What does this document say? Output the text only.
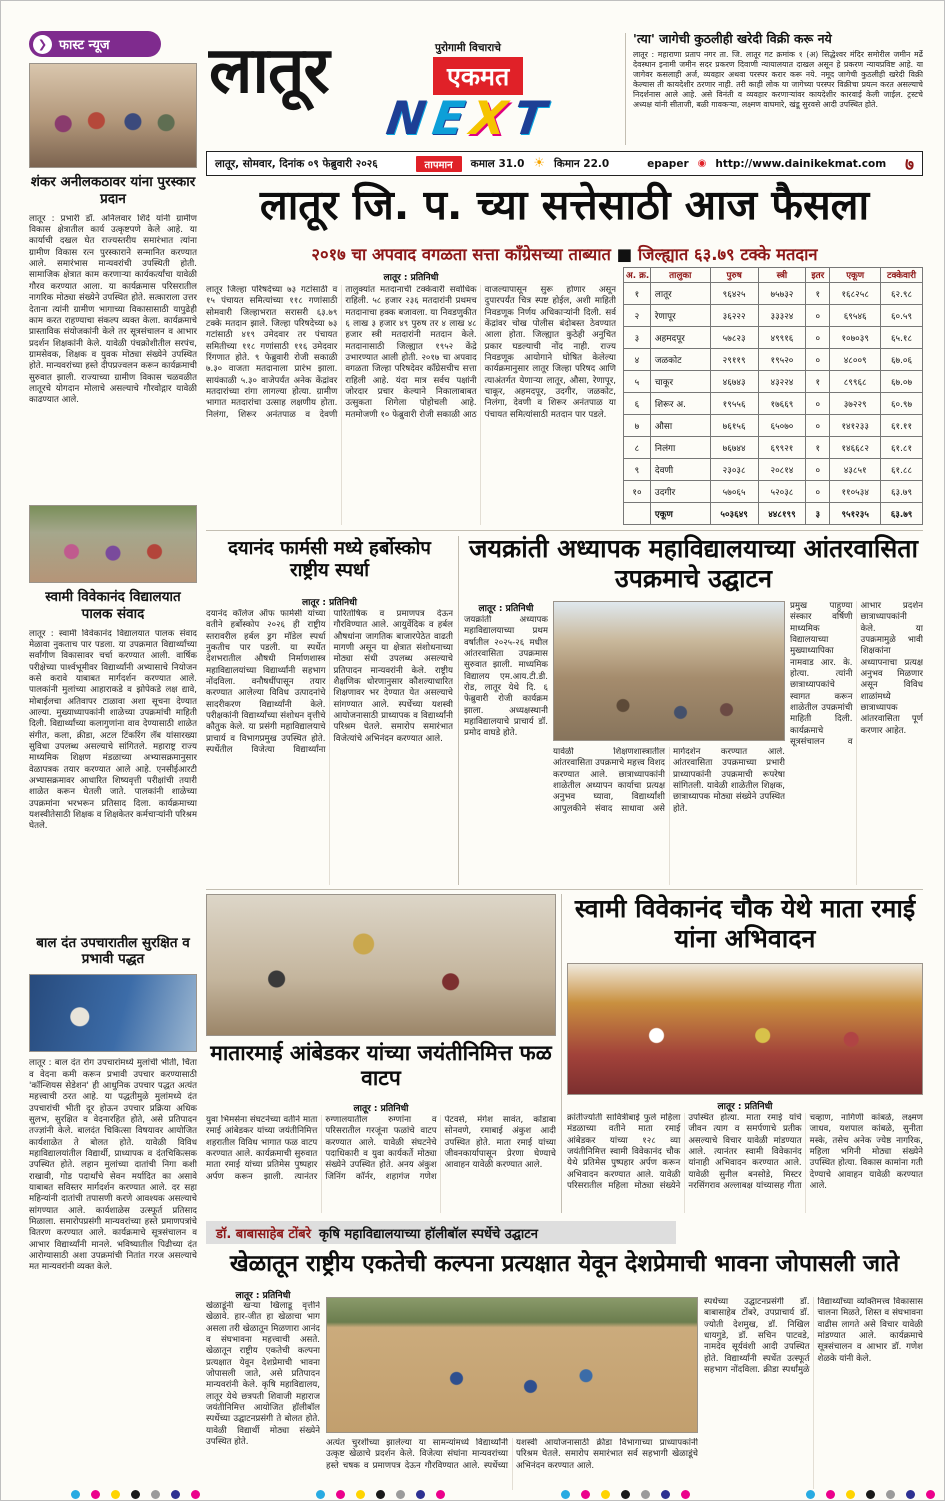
❯ फास्ट न्यूज
शंकर अनीलकठावर यांना पुरस्कार प्रदान
लातूर : प्रभारी डॉ. अनिलवार शिंदे यांनी ग्रामीण विकास क्षेत्रातील कार्य उत्कृष्टपणे केले आहे. या कार्याची दखल घेत राज्यस्तरीय समारंभात त्यांना ग्रामीण विकास रत्न पुरस्काराने सन्मानित करण्यात आले. समारंभास मान्यवरांची उपस्थिती होती. सामाजिक क्षेत्रात काम करणाऱ्या कार्यकर्त्यांचा यावेळी गौरव करण्यात आला. या कार्यक्रमास परिसरातील नागरिक मोठ्या संख्येने उपस्थित होते. सत्काराला उत्तर देताना त्यांनी ग्रामीण भागाच्या विकासासाठी यापुढेही काम करत राहण्याचा संकल्प व्यक्त केला. कार्यक्रमाचे प्रास्ताविक संयोजकांनी केले तर सूत्रसंचालन व आभार प्रदर्शन शिक्षकांनी केले. यावेळी पंचक्रोशीतील सरपंच, ग्रामसेवक, शिक्षक व युवक मोठ्या संख्येने उपस्थित होते. मान्यवरांच्या हस्ते दीपप्रज्वलन करून कार्यक्रमाची सुरुवात झाली. राज्याच्या ग्रामीण विकास चळवळीत लातूरचे योगदान मोलाचे असल्याचे गौरवोद्गार यावेळी काढण्यात आले.
स्वामी विवेकानंद विद्यालयात पालक संवाद
लातूर : स्वामी विवेकानंद विद्यालयात पालक संवाद मेळावा नुकताच पार पडला. या उपक्रमात विद्यार्थ्यांच्या सर्वांगीण विकासावर चर्चा करण्यात आली. वार्षिक परीक्षेच्या पार्श्वभूमीवर विद्यार्थ्यांनी अभ्यासाचे नियोजन कसे करावे याबाबत मार्गदर्शन करण्यात आले. पालकांनी मुलांच्या आहाराकडे व झोपेकडे लक्ष द्यावे, मोबाईलचा अतिवापर टाळावा अशा सूचना देण्यात आल्या. मुख्याध्यापकांनी शाळेच्या उपक्रमांची माहिती दिली. विद्यार्थ्यांच्या कलागुणांना वाव देण्यासाठी शाळेत संगीत, कला, क्रीडा, अटल टिंकरिंग लॅब यांसारख्या सुविधा उपलब्ध असल्याचे सांगितले. महाराष्ट्र राज्य माध्यमिक शिक्षण मंडळाच्या अभ्यासक्रमानुसार वेळापत्रक तयार करण्यात आले आहे. एनसीईआरटी अभ्यासक्रमावर आधारित शिष्यवृत्ती परीक्षांची तयारी शाळेत करून घेतली जाते. पालकांनी शाळेच्या उपक्रमांना भरभरून प्रतिसाद दिला. कार्यक्रमाच्या यशस्वीतेसाठी शिक्षक व शिक्षकेतर कर्मचाऱ्यांनी परिश्रम घेतले.
बाल दंत उपचारातील सुरक्षित व प्रभावी पद्धत
लातूर : बाल दंत रोग उपचारांमध्ये मुलांची भीती, चिंता व वेदना कमी करून प्रभावी उपचार करण्यासाठी 'कॉन्शियस सेडेशन' ही आधुनिक उपचार पद्धत अत्यंत महत्त्वाची ठरत आहे. या पद्धतीमुळे मुलांमध्ये दंत उपचारांची भीती दूर होऊन उपचार प्रक्रिया अधिक सुलभ, सुरक्षित व वेदनारहित होते, असे प्रतिपादन तज्ज्ञांनी केले. बालदंत चिकित्सा विषयावर आयोजित कार्यशाळेत ते बोलत होते. यावेळी विविध महाविद्यालयांतील विद्यार्थी, प्राध्यापक व दंतचिकित्सक उपस्थित होते. लहान मुलांच्या दातांची निगा कशी राखावी, गोड पदार्थांचे सेवन मर्यादित का असावे याबाबत सविस्तर मार्गदर्शन करण्यात आले. दर सहा महिन्यांनी दातांची तपासणी करणे आवश्यक असल्याचे सांगण्यात आले. कार्यशाळेस उत्स्फूर्त प्रतिसाद मिळाला. समारोपप्रसंगी मान्यवरांच्या हस्ते प्रमाणपत्रांचे वितरण करण्यात आले. कार्यक्रमाचे सूत्रसंचालन व आभार विद्यार्थ्यांनी मानले. भविष्यातील पिढीच्या दंत आरोग्यासाठी अशा उपक्रमांची नितांत गरज असल्याचे मत मान्यवरांनी व्यक्त केले.
लातूर	पुरोगामी विचाराचे
एकमत
N E X T
'त्या' जागेची कुठलीही खरेदी विक्री करू नये
लातूर : महाराणा प्रताप नगर ता. जि. लातूर गट क्रमांक १ (अ) सिद्धेश्वर मंदिर समोरील जमीन मर्ढे देवस्थान इनामी जमीन सदर प्रकरण दिवाणी न्यायालयात दाखल असून हे प्रकरण न्यायप्रविष्ट आहे. या जागेवर कसलाही अर्ज, व्यवहार अथवा परस्पर करार करू नये. नमूद जागेची कुठलीही खरेदी विक्री केल्यास ती कायदेशीर ठरणार नाही. तरी काही लोक या जागेच्या परस्पर विक्रीचा प्रयत्न करत असल्याचे निदर्शनास आले आहे. असे विनंती व व्यवहार करणाऱ्यांवर कायदेशीर कारवाई केली जाईल. ट्रस्टचे अध्यक्ष यांनी सीताजी, बळी गावकऱ्या, लक्ष्मण वाघमारे, खंडू सुरवसे आदी उपस्थित होते.
लातूर, सोमवार, दिनांक ०९ फेब्रुवारी २०२६	तापमान	कमाल 31.0 ☀ किमान 22.0	epaper ◉ http://www.dainikekmat.com ७
लातूर जि. प. च्या सत्तेसाठी आज फैसला
२०१७ चा अपवाद वगळता सत्ता काँग्रेसच्या ताब्यात ■ जिल्ह्यात ६३.७९ टक्के मतदान
लातूर : प्रतिनिधी
लातूर जिल्हा परिषदेच्या ७३ गटांसाठी व १५ पंचायत समित्यांच्या ११८ गणांसाठी सोमवारी जिल्हाभरात सरासरी ६३.७९ टक्के मतदान झाले. जिल्हा परिषदेच्या ७३ गटांसाठी ४१९ उमेदवार तर पंचायत समितीच्या ११८ गणांसाठी ११६ उमेदवार रिंगणात होते. ९ फेब्रुवारी रोजी सकाळी ७.३० वाजता मतदानाला प्रारंभ झाला. सायंकाळी ५.३० वाजेपर्यंत अनेक केंद्रांवर मतदारांच्या रांगा लागल्या होत्या. ग्रामीण भागात मतदारांचा उत्साह लक्षणीय होता. निलंगा, शिरूर अनंतपाळ व देवणी तालुक्यांत मतदानाची टक्केवारी सर्वाधिक राहिली. ५८ हजार २३६ मतदारांनी प्रथमच मतदानाचा हक्क बजावला. या निवडणुकीत ६ लाख ३ हजार ४९ पुरुष तर ४ लाख ४८ हजार स्त्री मतदारांनी मतदान केले. मतदानासाठी जिल्ह्यात १९५२ केंद्रे उभारण्यात आली होती. २०१७ चा अपवाद वगळता जिल्हा परिषदेवर काँग्रेसचीच सत्ता राहिली आहे. यंदा मात्र सर्वच पक्षांनी जोरदार प्रचार केल्याने निकालाबाबत उत्सुकता शिगेला पोहोचली आहे. मतमोजणी १० फेब्रुवारी रोजी सकाळी आठ वाजल्यापासून सुरू होणार असून दुपारपर्यंत चित्र स्पष्ट होईल, अशी माहिती निवडणूक निर्णय अधिकाऱ्यांनी दिली. सर्व केंद्रांवर चोख पोलीस बंदोबस्त ठेवण्यात आला होता. जिल्ह्यात कुठेही अनुचित प्रकार घडल्याची नोंद नाही. राज्य निवडणूक आयोगाने घोषित केलेल्या कार्यक्रमानुसार लातूर जिल्हा परिषद आणि त्याअंतर्गत येणाऱ्या लातूर, औसा, रेणापूर, चाकूर, अहमदपूर, उदगीर, जळकोट, निलंगा, देवणी व शिरूर अनंतपाळ या पंचायत समित्यांसाठी मतदान पार पडले.
अ. क्र.	तालुका	पुरुष	स्त्री	इतर	एकूण	टक्केवारी
१	लातूर	९६४२५	७५७३२	१	१६८२५८	६२.९८
२	रेणापूर	३६२२२	३३३२४	०	६९५४६	६०.५९
३	अहमदपूर	५७८२३	४९९१६	०	१०७०३९	६५.१८
४	जळकोट	२९११९	१९५२०	०	४८००९	६७.०६
५	चाकूर	४६७४३	४३२२४	१	८९९६८	६७.०७
६	शिरूर अ.	१९५५६	१७६६९	०	३७२२९	६०.९७
७	औसा	७६१५६	६५०७०	०	१४१२३३	६१.११
८	निलंगा	७६७४४	६९९२१	१	१४६६८२	६१.८१
९	देवणी	२३०३८	२०८१४	०	४३८५१	६१.८८
१०	उदगीर	५७०६५	५२०३८	०	११०५३४	६३.७९
	एकूण	५०३६४९	४४८१९९	३	९५१२३५	६३.७९
दयानंद फार्मसी मध्ये हर्बोस्कोप राष्ट्रीय स्पर्धा
लातूर : प्रतिनिधी
दयानंद कॉलेज ऑफ फार्मसी यांच्या वतीने हर्बोस्कोप २०२६ ही राष्ट्रीय स्तरावरील हर्बल ड्रग मॉडेल स्पर्धा नुकतीच पार पडली. या स्पर्धेत देशभरातील औषधी निर्माणशास्त्र महाविद्यालयांच्या विद्यार्थ्यांनी सहभाग नोंदविला. वनौषधींपासून तयार करण्यात आलेल्या विविध उत्पादनांचे सादरीकरण विद्यार्थ्यांनी केले. परीक्षकांनी विद्यार्थ्यांच्या संशोधन वृत्तीचे कौतुक केले. या प्रसंगी महाविद्यालयाचे प्राचार्य व विभागप्रमुख उपस्थित होते. स्पर्धेतील विजेत्या विद्यार्थ्यांना पारितोषिक व प्रमाणपत्र देऊन गौरविण्यात आले. आयुर्वेदिक व हर्बल औषधांना जागतिक बाजारपेठेत वाढती मागणी असून या क्षेत्रात संशोधनाच्या मोठ्या संधी उपलब्ध असल्याचे प्रतिपादन मान्यवरांनी केले. राष्ट्रीय शैक्षणिक धोरणानुसार कौशल्याधारित शिक्षणावर भर देण्यात येत असल्याचे सांगण्यात आले. स्पर्धेच्या यशस्वी आयोजनासाठी प्राध्यापक व विद्यार्थ्यांनी परिश्रम घेतले. समारोप समारंभात विजेत्यांचे अभिनंदन करण्यात आले.
जयक्रांती अध्यापक महाविद्यालयाच्या आंतरवासिता उपक्रमाचे उद्घाटन
लातूर : प्रतिनिधी
जयक्रांती अध्यापक महाविद्यालयाच्या प्रथम वर्षातील २०२५-२६ मधील आंतरवासिता उपक्रमास सुरुवात झाली. माध्यमिक विद्यालय एम.आय.टी.डी. रोड, लातूर येथे दि. ६ फेब्रुवारी रोजी कार्यक्रम झाला. अध्यक्षस्थानी महाविद्यालयाचे प्राचार्य डॉ. प्रमोद वाघडे होते.
यावेळी शिक्षणशास्त्रातील आंतरवासिता उपक्रमाचे महत्त्व विशद करण्यात आले. छात्राध्यापकांनी शाळेतील अध्यापन कार्याचा प्रत्यक्ष अनुभव घ्यावा, विद्यार्थ्यांशी आपुलकीने संवाद साधावा असे मार्गदर्शन करण्यात आले. आंतरवासिता उपक्रमाच्या प्रभारी प्राध्यापकांनी उपक्रमाची रूपरेषा सांगितली. यावेळी शाळेतील शिक्षक, छात्राध्यापक मोठ्या संख्येने उपस्थित होते.
प्रमुख पाहुण्या संस्कार वर्षिणी माध्यमिक विद्यालयाच्या मुख्याध्यापिका नामवाड आर. के. होत्या. त्यांनी छात्राध्यापकांचे स्वागत करून शाळेतील उपक्रमांची माहिती दिली. कार्यक्रमाचे सूत्रसंचालन व आभार प्रदर्शन छात्राध्यापकांनी केले. या उपक्रमामुळे भावी शिक्षकांना अध्यापनाचा प्रत्यक्ष अनुभव मिळणार असून विविध शाळांमध्ये छात्राध्यापक आंतरवासिता पूर्ण करणार आहेत.
मातारमाई आंबेडकर यांच्या जयंतीनिमित्त फळ वाटप
लातूर : प्रतिनिधी
युवा भिमसेना संघटनेच्या वतीने माता रमाई आंबेडकर यांच्या जयंतीनिमित्त शहरातील विविध भागात फळ वाटप करण्यात आले. कार्यक्रमाची सुरुवात माता रमाई यांच्या प्रतिमेस पुष्पहार अर्पण करून झाली. त्यानंतर रुग्णालयातील रुग्णांना व परिसरातील गरजूंना फळांचे वाटप करण्यात आले. यावेळी संघटनेचे पदाधिकारी व युवा कार्यकर्ते मोठ्या संख्येने उपस्थित होते. अनय अंकुश जिनिंग कॉर्नर, शहागंज गणेश पेटवर्स, मंगेश सावंत, कोंडाबा सोनवणे, रमाबाई अंकुश आदी उपस्थित होते. माता रमाई यांच्या जीवनकार्यापासून प्रेरणा घेण्याचे आवाहन यावेळी करण्यात आले.
स्वामी विवेकानंद चौक येथे माता रमाई यांना अभिवादन
लातूर : प्रतिनिधी
क्रांतीज्योती सावित्रीबाई फुले महिला मंडळाच्या वतीने माता रमाई आंबेडकर यांच्या १२८ व्या जयंतीनिमित्त स्वामी विवेकानंद चौक येथे प्रतिमेस पुष्पहार अर्पण करून अभिवादन करण्यात आले. यावेळी परिसरातील महिला मोठ्या संख्येने उपस्थित होत्या. माता रमाई यांचे जीवन त्याग व समर्पणाचे प्रतीक असल्याचे विचार यावेळी मांडण्यात आले. त्यानंतर स्वामी विवेकानंद यांनाही अभिवादन करण्यात आले. यावेळी सुनील बनसोडे, मिस्टर नरसिंगराव अल्लाबक्ष यांच्यासह गीता चव्हाण, नागिणी कांबळे, लक्ष्मण जाधव, यशपाल कांबळे, सुनीता मस्के, तसेच अनेक ज्येष्ठ नागरिक, महिला भगिनी मोठ्या संख्येने उपस्थित होत्या. विकास कामांना गती देण्याचे आवाहन यावेळी करण्यात आले.
डॉ. बाबासाहेब टोंबरे कृषि महाविद्यालयाच्या हॉलीबॉल स्पर्धेचे उद्घाटन
खेळातून राष्ट्रीय एकतेची कल्पना प्रत्यक्षात येवून देशप्रेमाची भावना जोपासली जाते
लातूर : प्रतिनिधी
खेळाडूंनी खऱ्या खिलाडू वृत्तीने खेळावे. हार-जीत हा खेळाचा भाग असला तरी खेळातून मिळणारा आनंद व संघभावना महत्त्वाची असते. खेळातून राष्ट्रीय एकतेची कल्पना प्रत्यक्षात येवून देशप्रेमाची भावना जोपासली जाते, असे प्रतिपादन मान्यवरांनी केले. कृषि महाविद्यालय, लातूर येथे छत्रपती शिवाजी महाराज जयंतीनिमित्त आयोजित हॉलीबॉल स्पर्धेच्या उद्घाटनप्रसंगी ते बोलत होते. यावेळी विद्यार्थी मोठ्या संख्येने उपस्थित होते.	अत्यंत चुरशीच्या झालेल्या या सामन्यांमध्ये विद्यार्थ्यांनी उत्कृष्ट खेळाचे प्रदर्शन केले. विजेत्या संघांना मान्यवरांच्या हस्ते चषक व प्रमाणपत्र देऊन गौरविण्यात आले. स्पर्धेच्या यशस्वी आयोजनासाठी क्रीडा विभागाच्या प्राध्यापकांनी परिश्रम घेतले. समारोप समारंभात सर्व सहभागी खेळाडूंचे अभिनंदन करण्यात आले.
स्पर्धेच्या उद्घाटनप्रसंगी डॉ. बाबासाहेब टोंबरे, उपप्राचार्य डॉ. ज्योती देशमुख, डॉ. निखिल धायगुडे, डॉ. सचिन पाटवडे, नामदेव सूर्यवंशी आदी उपस्थित होते. विद्यार्थ्यांनी स्पर्धेत उत्स्फूर्त सहभाग नोंदविला. क्रीडा स्पर्धांमुळे विद्यार्थ्यांच्या व्यक्तिमत्त्व विकासास चालना मिळते, शिस्त व संघभावना वाढीस लागते असे विचार यावेळी मांडण्यात आले. कार्यक्रमाचे सूत्रसंचालन व आभार डॉ. गणेश शेळके यांनी केले.
